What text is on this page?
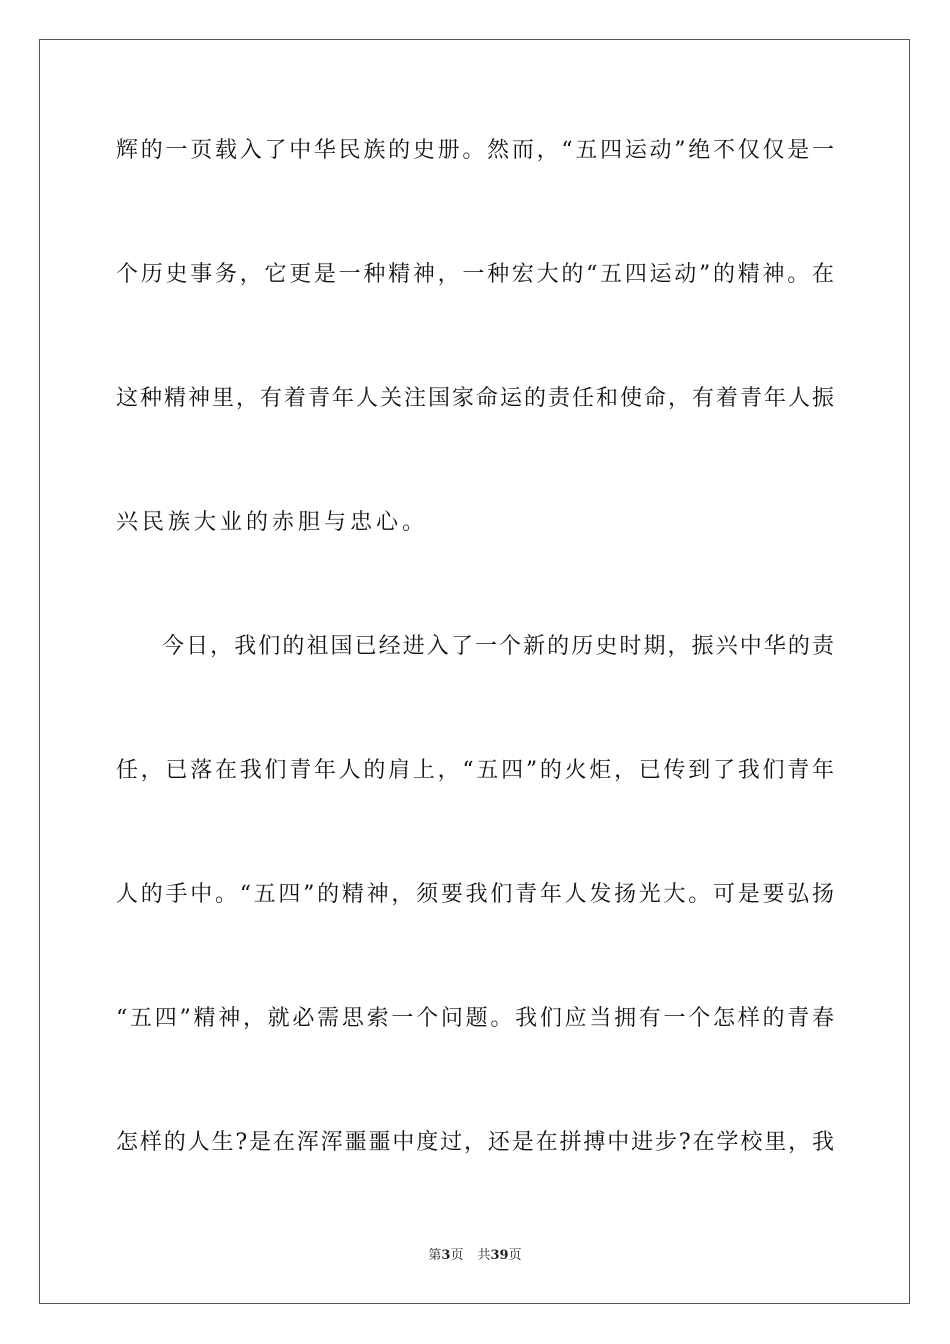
辉的一页载入了中华民族的史册。然而，“五四运动”绝不仅仅是一
个历史事务，它更是一种精神，一种宏大的“五四运动”的精神。在
这种精神里，有着青年人关注国家命运的责任和使命，有着青年人振
兴民族大业的赤胆与忠心。
今日，我们的祖国已经进入了一个新的历史时期，振兴中华的责
任，已落在我们青年人的肩上，“五四”的火炬，已传到了我们青年
人的手中。“五四”的精神，须要我们青年人发扬光大。可是要弘扬
“五四”精神，就必需思索一个问题。我们应当拥有一个怎样的青春
怎样的人生?是在浑浑噩噩中度过，还是在拼搏中进步?在学校里，我
第3页 共39页
